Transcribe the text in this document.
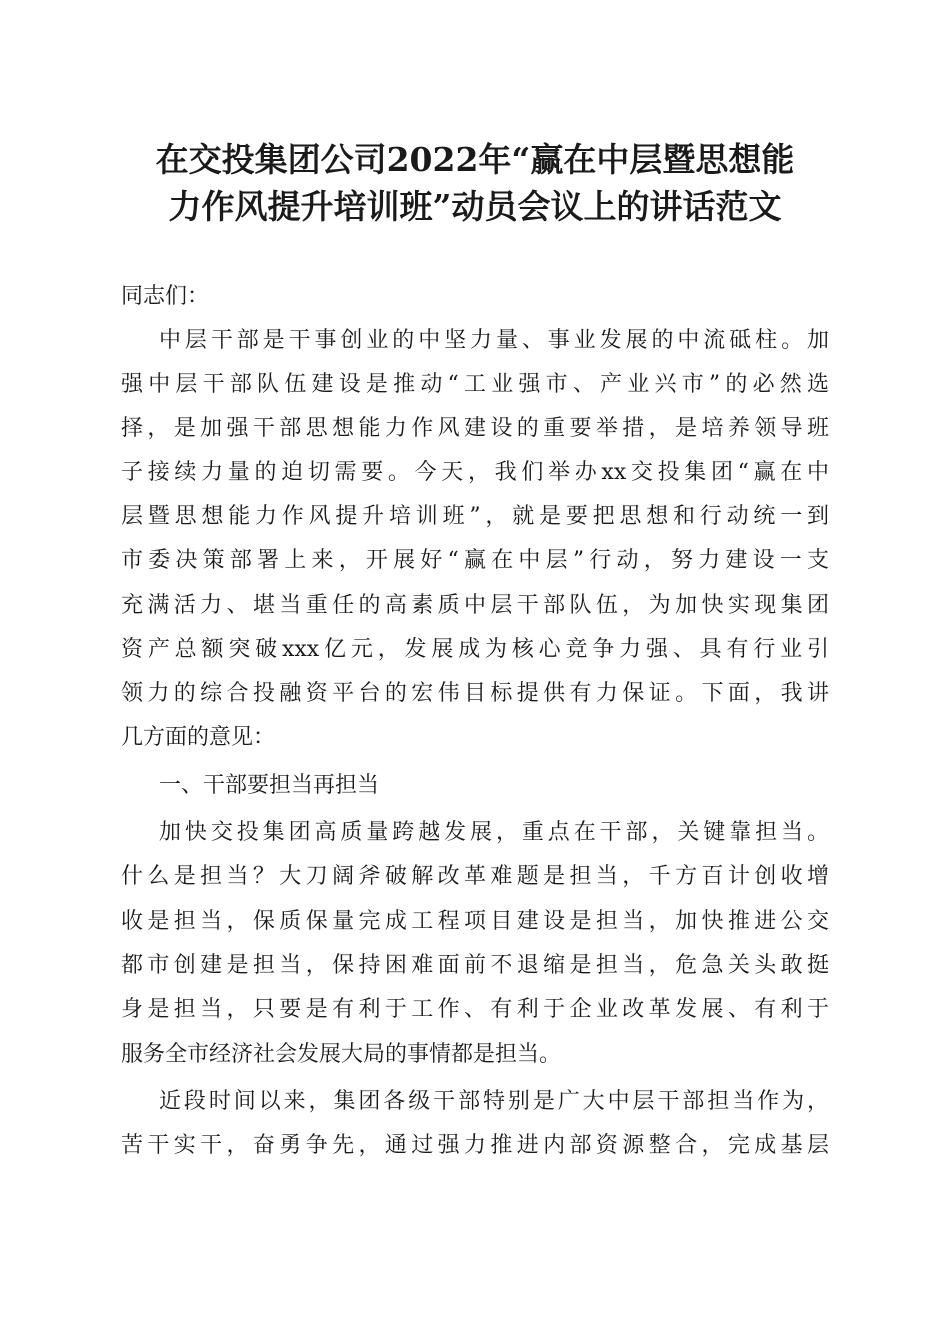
在交投集团公司2022年“赢在中层暨思想能
力作风提升培训班”动员会议上的讲话范文
同志们：
中层干部是干事创业的中坚力量、事业发展的中流砥柱。加
强中层干部队伍建设是推动“工业强市、产业兴市”的必然选
择，是加强干部思想能力作风建设的重要举措，是培养领导班
子接续力量的迫切需要。今天，我们举办xx交投集团“赢在中
层暨思想能力作风提升培训班”，就是要把思想和行动统一到
市委决策部署上来，开展好“赢在中层”行动，努力建设一支
充满活力、堪当重任的高素质中层干部队伍，为加快实现集团
资产总额突破xxx亿元，发展成为核心竞争力强、具有行业引
领力的综合投融资平台的宏伟目标提供有力保证。下面，我讲
几方面的意见：
一、干部要担当再担当
加快交投集团高质量跨越发展，重点在干部，关键靠担当。
什么是担当？大刀阔斧破解改革难题是担当，千方百计创收增
收是担当，保质保量完成工程项目建设是担当，加快推进公交
都市创建是担当，保持困难面前不退缩是担当，危急关头敢挺
身是担当，只要是有利于工作、有利于企业改革发展、有利于
服务全市经济社会发展大局的事情都是担当。
近段时间以来，集团各级干部特别是广大中层干部担当作为，
苦干实干，奋勇争先，通过强力推进内部资源整合，完成基层
